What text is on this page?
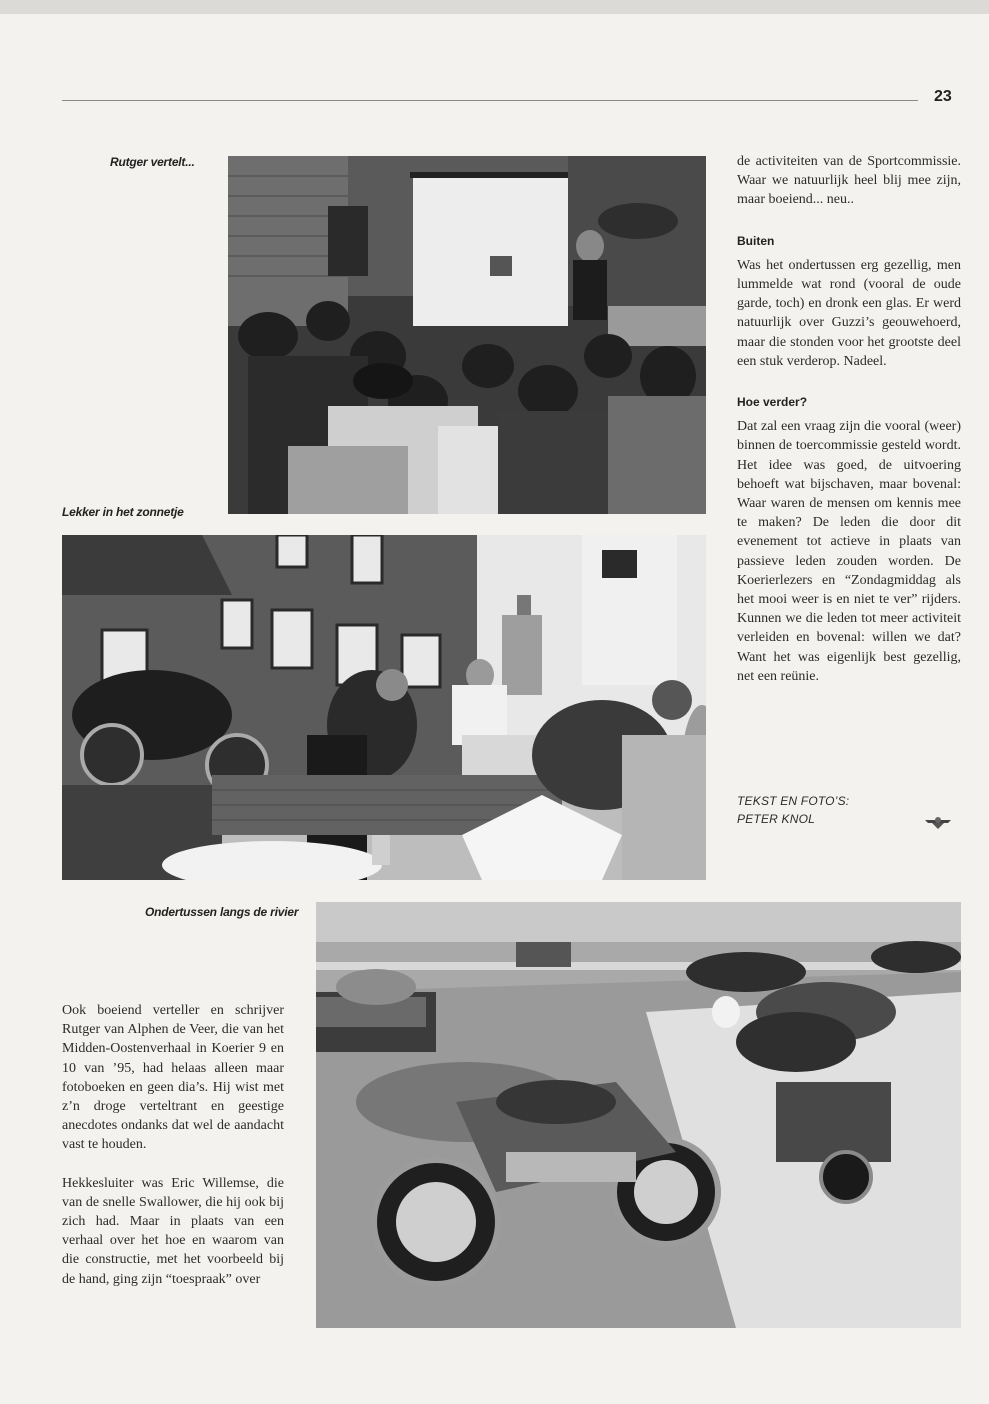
23
Rutger vertelt...
Lekker in het zonnetje

de activiteiten van de Sportcommissie. Waar we natuurlijk heel blij mee zijn, maar boeiend... neu..

Buiten

Was het ondertussen erg gezellig, men lummelde wat rond (vooral de oude garde, toch) en dronk een glas. Er werd natuurlijk over Guzzi’s geouwehoerd, maar die stonden voor het grootste deel een stuk verderop. Nadeel.

Hoe verder?

Dat zal een vraag zijn die vooral (weer) binnen de toercommissie gesteld wordt. Het idee was goed, de uitvoering behoeft wat bijschaven, maar bovenal: Waar waren de mensen om kennis mee te maken? De leden die door dit evenement tot actieve in plaats van passieve leden zouden worden. De Koerierlezers en “Zondagmiddag als het mooi weer is en niet te ver” rijders. Kunnen we die leden tot meer activiteit verleiden en bovenal: willen we dat? Want het was eigenlijk best gezellig, net een reünie.

TEKST EN FOTO’S:
PETER KNOL
Ondertussen langs de rivier

Ook boeiend verteller en schrijver Rutger van Alphen de Veer, die van het Midden-Oostenverhaal in Koerier 9 en 10 van ’95, had helaas alleen maar fotoboeken en geen dia’s. Hij wist met z’n droge verteltrant en geestige anecdotes ondanks dat wel de aandacht vast te houden.

Hekkesluiter was Eric Willemse, die van de snelle Swallower, die hij ook bij zich had. Maar in plaats van een verhaal over het hoe en waarom van die constructie, met het voorbeeld bij de hand, ging zijn “toespraak” over
